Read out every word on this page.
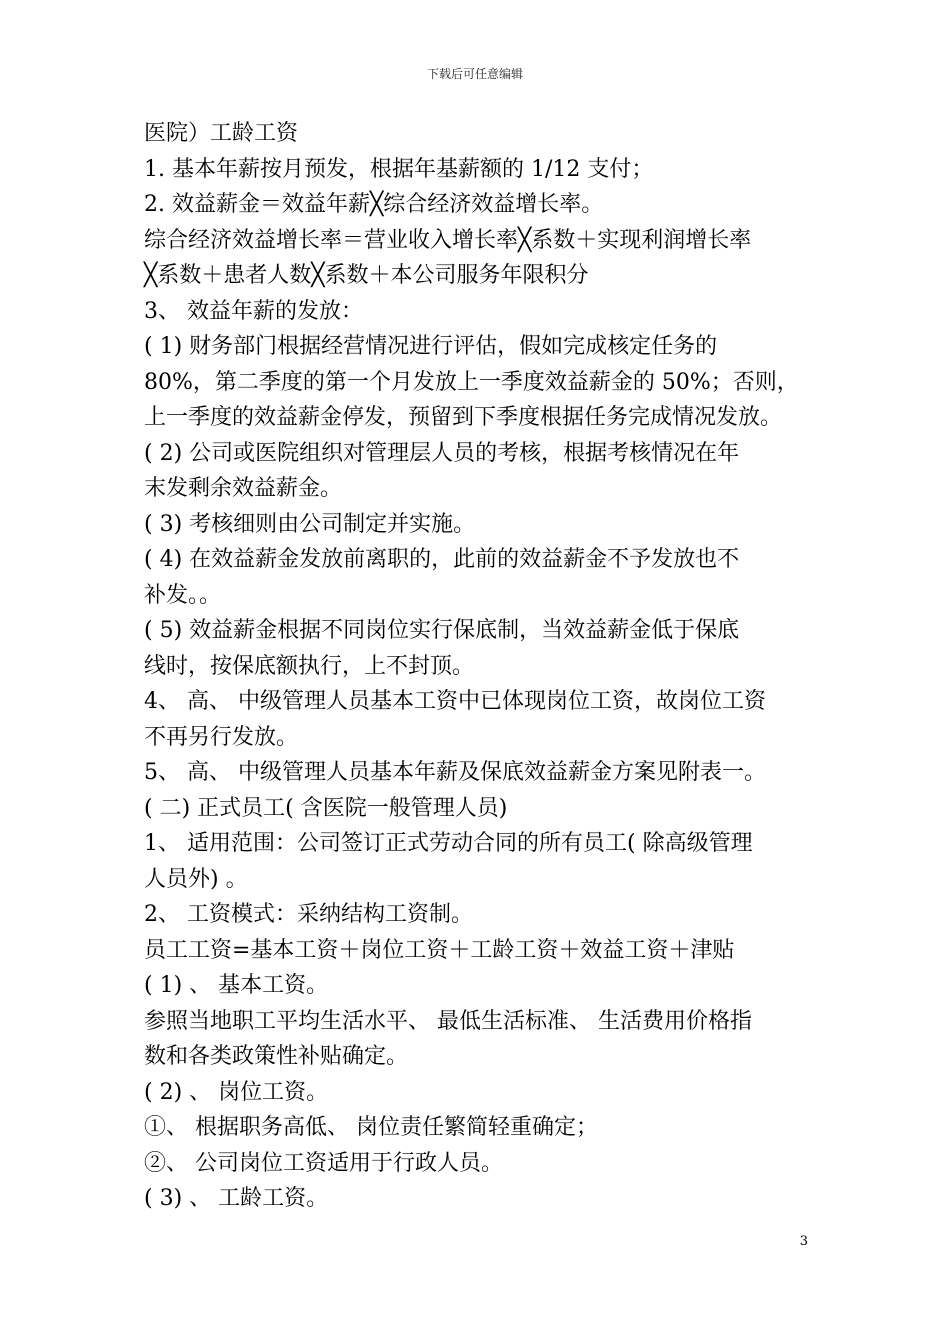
下载后可任意编辑
医院）工龄工资
1. 基本年薪按月预发，根据年基薪额的 1/12 支付；
2. 效益薪金＝效益年薪╳综合经济效益增长率。
综合经济效益增长率＝营业收入增长率╳系数＋实现利润增长率
╳系数＋患者人数╳系数＋本公司服务年限积分
3、 效益年薪的发放：
( 1) 财务部门根据经营情况进行评估，假如完成核定任务的
80%，第二季度的第一个月发放上一季度效益薪金的 50%；否则，
上一季度的效益薪金停发，预留到下季度根据任务完成情况发放。
( 2) 公司或医院组织对管理层人员的考核，根据考核情况在年
末发剩余效益薪金。
( 3) 考核细则由公司制定并实施。
( 4) 在效益薪金发放前离职的，此前的效益薪金不予发放也不
补发。。
( 5) 效益薪金根据不同岗位实行保底制，当效益薪金低于保底
线时，按保底额执行，上不封顶。
4、 高、 中级管理人员基本工资中已体现岗位工资，故岗位工资
不再另行发放。
5、 高、 中级管理人员基本年薪及保底效益薪金方案见附表一。
( 二) 正式员工( 含医院一般管理人员)
1、 适用范围：公司签订正式劳动合同的所有员工( 除高级管理
人员外) 。
2、 工资模式：采纳结构工资制。
员工工资=基本工资＋岗位工资＋工龄工资＋效益工资＋津贴
( 1) 、 基本工资。
参照当地职工平均生活水平、 最低生活标准、 生活费用价格指
数和各类政策性补贴确定。
( 2) 、 岗位工资。
①、 根据职务高低、 岗位责任繁简轻重确定；
②、 公司岗位工资适用于行政人员。
( 3) 、 工龄工资。
3
